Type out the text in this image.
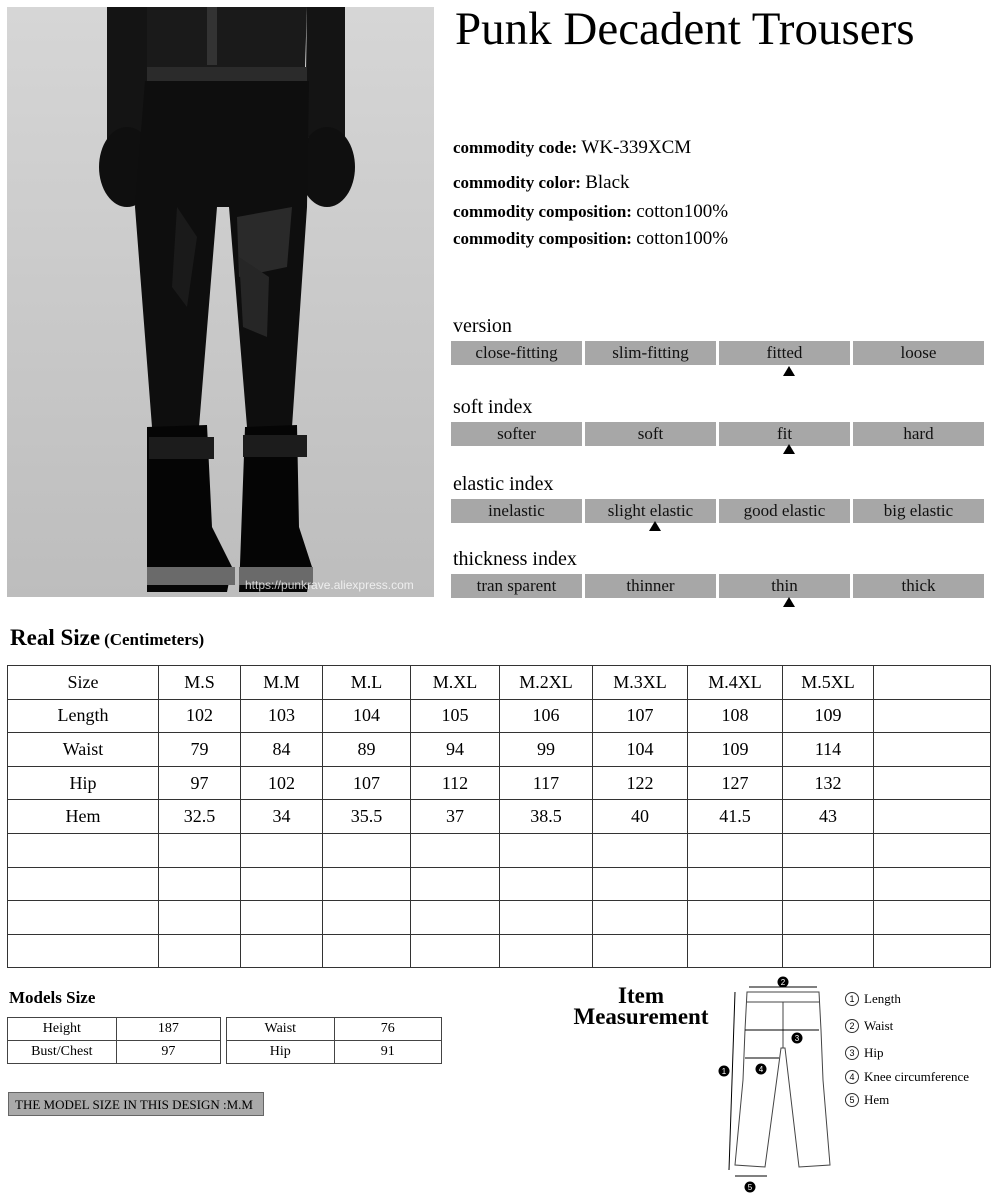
https://punkrave.aliexpress.com
Punk Decadent Trousers
commodity code: WK-339XCM
commodity color: Black
commodity composition: cotton100%
commodity composition: cotton100%
version
close-fitting	slim-fitting	fitted	loose
soft index
softer	soft	fit	hard
elastic index
inelastic	slight elastic	good elastic	big elastic
thickness index
tran sparent	thinner	thin	thick
Real Size (Centimeters)
Size	M.S	M.M	M.L	M.XL	M.2XL	M.3XL	M.4XL	M.5XL	
Length	102	103	104	105	106	107	108	109	
Waist	79	84	89	94	99	104	109	114	
Hip	97	102	107	112	117	122	127	132	
Hem	32.5	34	35.5	37	38.5	40	41.5	43	

Models Size
Height	187
Bust/Chest	97
Waist	76
Hip	91
THE MODEL SIZE IN THIS DESIGN :M.M
Item
Measurement
2
3
4
1
5
1 Length
2 Waist
3 Hip
4 Knee circumference
5 Hem
